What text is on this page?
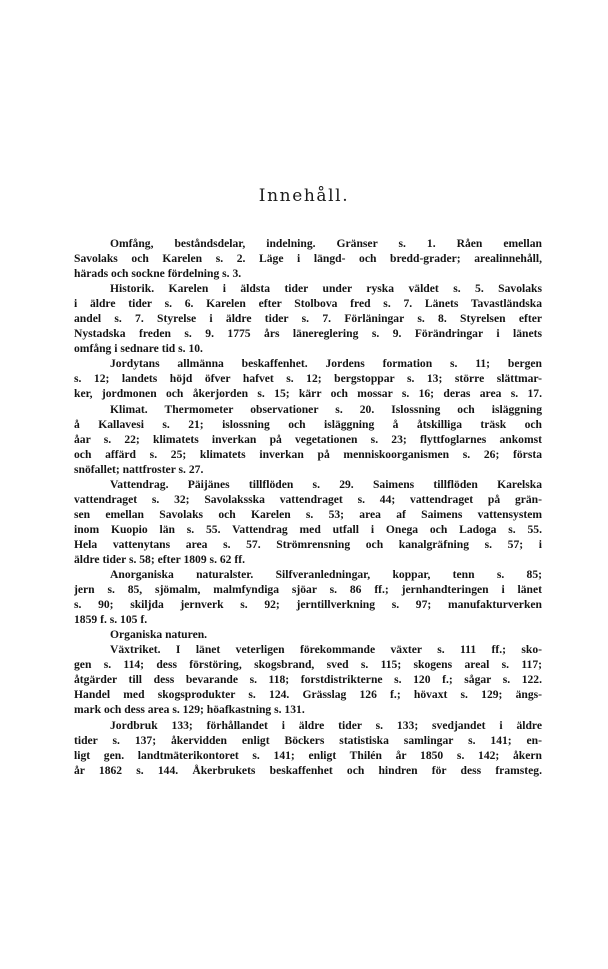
Innehåll.
Omfång, beståndsdelar, indelning. Gränser s. 1. Råen emellan
Savolaks och Karelen s. 2. Läge i längd- och bredd-grader; arealinnehåll,
härads och sockne fördelning s. 3.
Historik. Karelen i äldsta tider under ryska väldet s. 5. Savolaks
i äldre tider s. 6. Karelen efter Stolbova fred s. 7. Länets Tavastländska
andel s. 7. Styrelse i äldre tider s. 7. Förläningar s. 8. Styrelsen efter
Nystadska freden s. 9. 1775 års länereglering s. 9. Förändringar i länets
omfång i sednare tid s. 10.
Jordytans allmänna beskaffenhet. Jordens formation s. 11; bergen
s. 12; landets höjd öfver hafvet s. 12; bergstoppar s. 13; större slättmar-
ker, jordmonen och åkerjorden s. 15; kärr och mossar s. 16; deras area s. 17.
Klimat. Thermometer observationer s. 20. Islossning och isläggning
å Kallavesi s. 21; islossning och isläggning å åtskilliga träsk och
åar s. 22; klimatets inverkan på vegetationen s. 23; flyttfoglarnes ankomst
och affärd s. 25; klimatets inverkan på menniskoorganismen s. 26; första
snöfallet; nattfroster s. 27.
Vattendrag. Päijänes tillflöden s. 29. Saimens tillflöden Karelska
vattendraget s. 32; Savolaksska vattendraget s. 44; vattendraget på grän-
sen emellan Savolaks och Karelen s. 53; area af Saimens vattensystem
inom Kuopio län s. 55. Vattendrag med utfall i Onega och Ladoga s. 55.
Hela vattenytans area s. 57. Strömrensning och kanalgräfning s. 57; i
äldre tider s. 58; efter 1809 s. 62 ff.
Anorganiska naturalster. Silfveranledningar, koppar, tenn s. 85;
jern s. 85, sjömalm, malmfyndiga sjöar s. 86 ff.; jernhandteringen i länet
s. 90; skiljda jernverk s. 92; jerntillverkning s. 97; manufakturverken
1859 f. s. 105 f.
Organiska naturen.
Växtriket. I länet veterligen förekommande växter s. 111 ff.; sko-
gen s. 114; dess förstöring, skogsbrand, sved s. 115; skogens areal s. 117;
åtgärder till dess bevarande s. 118; forstdistrikterne s. 120 f.; sågar s. 122.
Handel med skogsprodukter s. 124. Grässlag 126 f.; hövaxt s. 129; ängs-
mark och dess area s. 129; höafkastning s. 131.
Jordbruk 133; förhållandet i äldre tider s. 133; svedjandet i äldre
tider s. 137; åkervidden enligt Böckers statistiska samlingar s. 141; en-
ligt gen. landtmäterikontoret s. 141; enligt Thilén år 1850 s. 142; åkern
år 1862 s. 144. Åkerbrukets beskaffenhet och hindren för dess framsteg.
